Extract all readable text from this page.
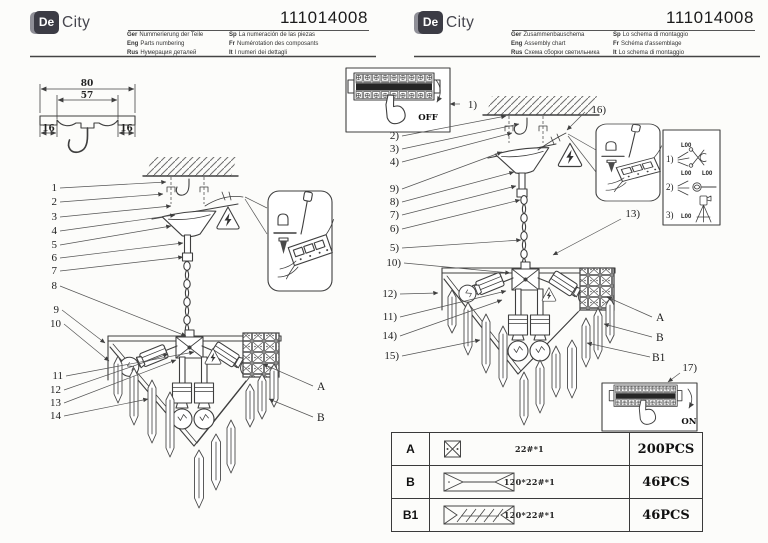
De City	De City
111014008	111014008
Ger Nummerierung der Teile
Eng Parts numbering
Rus Нумерация деталей
Sp La numeración de las piezas
Fr Numérotation des composants
It I numeri dei dettagli
Ger Zusammenbauschema
Eng Assembly chart
Rus Схема сборки светильника
Sp Lo schema di montaggio
Fr Schéma d'assemblage
It Lo schema di montaggio
80
57
16	16
1
2
3
4
5
6
7
8
9
10
11
12
13
14
A
B
OFF
1)
1)
L00
2)
L00 L00
3) L00
2)
3)
4)
9)
8)
7)
6)
5)
10)
12)
11)
14)
15)
16)
13)
17)
A
B
B1
ON
A	22#*1	200PCS
B	120*22#*1	46PCS
B1	120*22#*1	46PCS
